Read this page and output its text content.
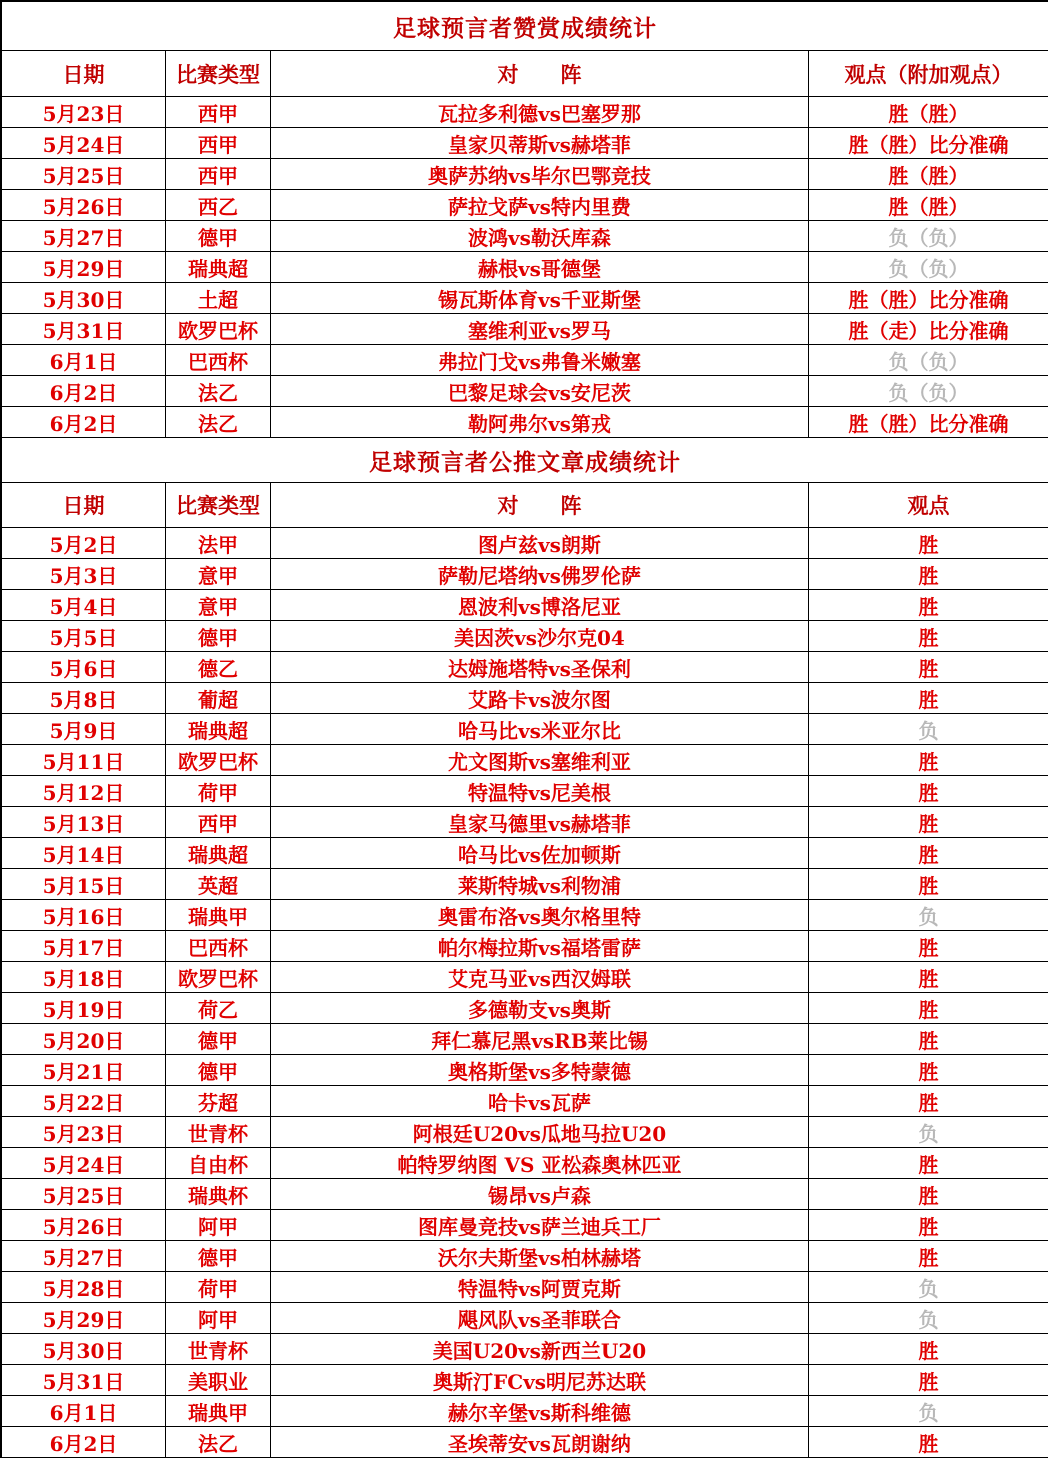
足球预言者赞赏成绩统计			
日期	比赛类型	对　　阵	观点（附加观点）
5月23日	西甲	瓦拉多利德vs巴塞罗那	胜（胜）
5月24日	西甲	皇家贝蒂斯vs赫塔菲	胜（胜）比分准确
5月25日	西甲	奥萨苏纳vs毕尔巴鄂竞技	胜（胜）
5月26日	西乙	萨拉戈萨vs特内里费	胜（胜）
5月27日	德甲	波鸿vs勒沃库森	负（负）
5月29日	瑞典超	赫根vs哥德堡	负（负）
5月30日	土超	锡瓦斯体育vs千亚斯堡	胜（胜）比分准确
5月31日	欧罗巴杯	塞维利亚vs罗马	胜（走）比分准确
6月1日	巴西杯	弗拉门戈vs弗鲁米嫩塞	负（负）
6月2日	法乙	巴黎足球会vs安尼茨	负（负）
6月2日	法乙	勒阿弗尔vs第戎	胜（胜）比分准确
足球预言者公推文章成绩统计			
日期	比赛类型	对　　阵	观点
5月2日	法甲	图卢兹vs朗斯	胜
5月3日	意甲	萨勒尼塔纳vs佛罗伦萨	胜
5月4日	意甲	恩波利vs博洛尼亚	胜
5月5日	德甲	美因茨vs沙尔克04	胜
5月6日	德乙	达姆施塔特vs圣保利	胜
5月8日	葡超	艾路卡vs波尔图	胜
5月9日	瑞典超	哈马比vs米亚尔比	负
5月11日	欧罗巴杯	尤文图斯vs塞维利亚	胜
5月12日	荷甲	特温特vs尼美根	胜
5月13日	西甲	皇家马德里vs赫塔菲	胜
5月14日	瑞典超	哈马比vs佐加顿斯	胜
5月15日	英超	莱斯特城vs利物浦	胜
5月16日	瑞典甲	奥雷布洛vs奥尔格里特	负
5月17日	巴西杯	帕尔梅拉斯vs福塔雷萨	胜
5月18日	欧罗巴杯	艾克马亚vs西汉姆联	胜
5月19日	荷乙	多德勒支vs奥斯	胜
5月20日	德甲	拜仁慕尼黑vsRB莱比锡	胜
5月21日	德甲	奥格斯堡vs多特蒙德	胜
5月22日	芬超	哈卡vs瓦萨	胜
5月23日	世青杯	阿根廷U20vs瓜地马拉U20	负
5月24日	自由杯	帕特罗纳图 VS 亚松森奥林匹亚	胜
5月25日	瑞典杯	锡昂vs卢森	胜
5月26日	阿甲	图库曼竞技vs萨兰迪兵工厂	胜
5月27日	德甲	沃尔夫斯堡vs柏林赫塔	胜
5月28日	荷甲	特温特vs阿贾克斯	负
5月29日	阿甲	飓风队vs圣菲联合	负
5月30日	世青杯	美国U20vs新西兰U20	胜
5月31日	美职业	奥斯汀FCvs明尼苏达联	胜
6月1日	瑞典甲	赫尔辛堡vs斯科维德	负
6月2日	法乙	圣埃蒂安vs瓦朗谢纳	胜
